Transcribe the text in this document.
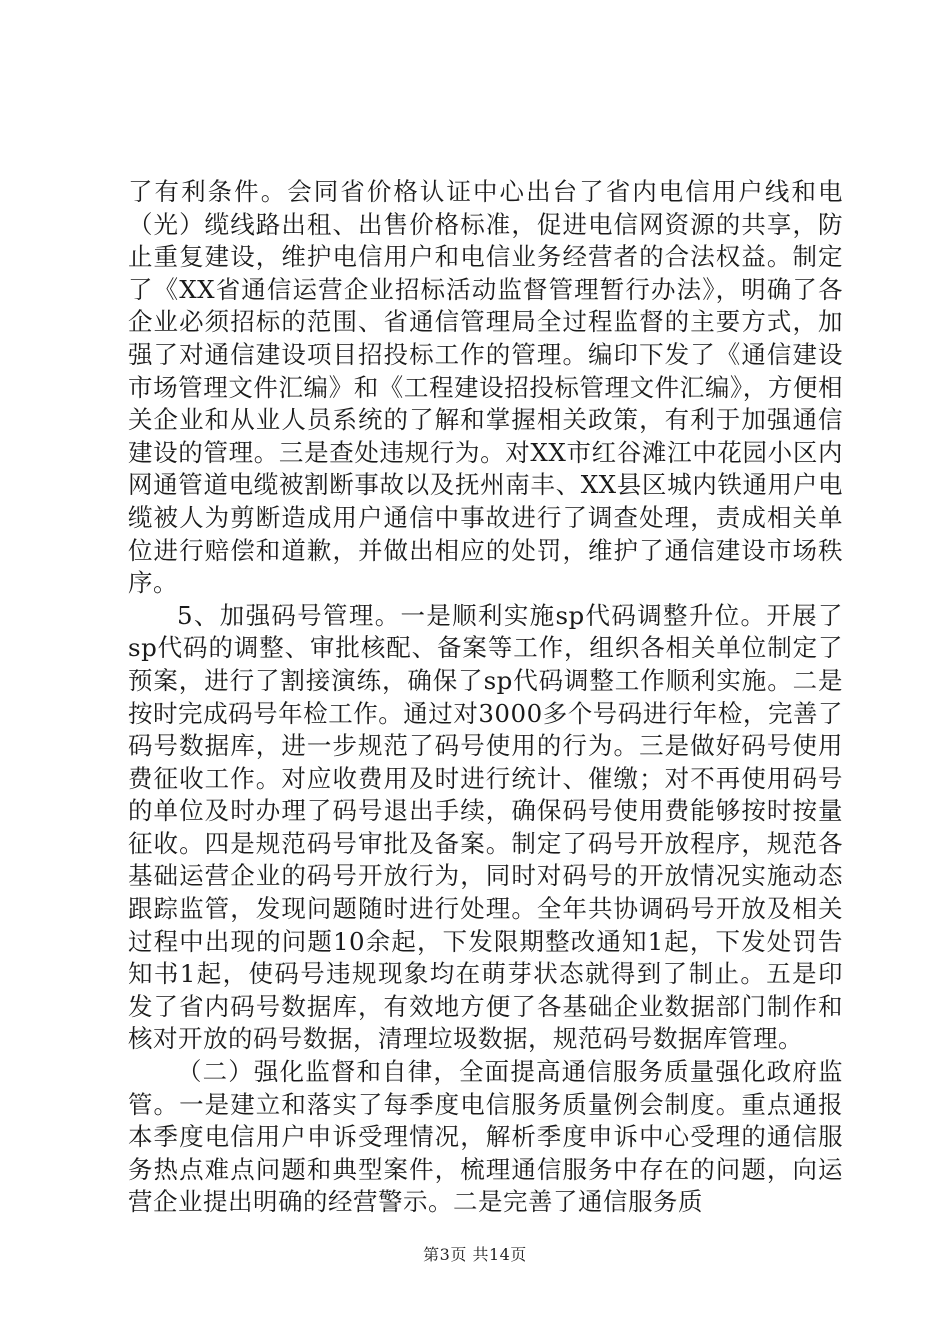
了有利条件。会同省价格认证中心出台了省内电信用户线和电（光）缆线路出租、出售价格标准，促进电信网资源的共享，防止重复建设，维护电信用户和电信业务经营者的合法权益。制定了《XX省通信运营企业招标活动监督管理暂行办法》，明确了各企业必须招标的范围、省通信管理局全过程监督的主要方式，加强了对通信建设项目招投标工作的管理。编印下发了《通信建设市场管理文件汇编》和《工程建设招投标管理文件汇编》，方便相关企业和从业人员系统的了解和掌握相关政策，有利于加强通信建设的管理。三是查处违规行为。对XX市红谷滩江中花园小区内网通管道电缆被割断事故以及抚州南丰、XX县区城内铁通用户电缆被人为剪断造成用户通信中事故进行了调查处理，责成相关单位进行赔偿和道歉，并做出相应的处罚，维护了通信建设市场秩序。

5、加强码号管理。一是顺利实施sp代码调整升位。开展了sp代码的调整、审批核配、备案等工作，组织各相关单位制定了预案，进行了割接演练，确保了sp代码调整工作顺利实施。二是按时完成码号年检工作。通过对3000多个号码进行年检，完善了码号数据库，进一步规范了码号使用的行为。三是做好码号使用费征收工作。对应收费用及时进行统计、催缴；对不再使用码号的单位及时办理了码号退出手续，确保码号使用费能够按时按量征收。四是规范码号审批及备案。制定了码号开放程序，规范各基础运营企业的码号开放行为，同时对码号的开放情况实施动态跟踪监管，发现问题随时进行处理。全年共协调码号开放及相关过程中出现的问题10余起，下发限期整改通知1起，下发处罚告知书1起，使码号违规现象均在萌芽状态就得到了制止。五是印发了省内码号数据库，有效地方便了各基础企业数据部门制作和核对开放的码号数据，清理垃圾数据，规范码号数据库管理。

（二）强化监督和自律，全面提高通信服务质量强化政府监管。一是建立和落实了每季度电信服务质量例会制度。重点通报本季度电信用户申诉受理情况，解析季度申诉中心受理的通信服务热点难点问题和典型案件，梳理通信服务中存在的问题，向运营企业提出明确的经营警示。二是完善了通信服务质

第3页 共14页
